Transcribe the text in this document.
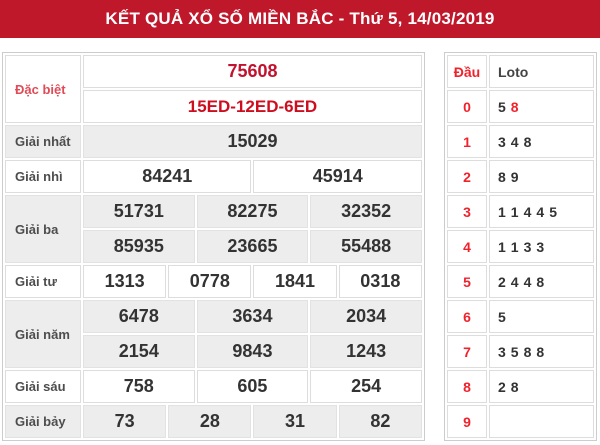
KẾT QUẢ XỔ SỐ MIỀN BẮC - Thứ 5, 14/03/2019
Đặc biệt	75608					
	15ED-12ED-6ED					
Giải nhất	15029					
Giải nhì	84241			45914		
Giải ba	51731		82275		32352	
	85935		23665		55488	
Giải tư	1313	0778		1841		0318
Giải năm	6478		3634		2034	
	2154		9843		1243	
Giải sáu	758		605		254	
Giải bảy	73	28		31		82
Đầu	Loto
0	5 8
1	3 4 8
2	8 9
3	1 1 4 4 5
4	1 1 3 3
5	2 4 4 8
6	5
7	3 5 8 8
8	2 8
9	
